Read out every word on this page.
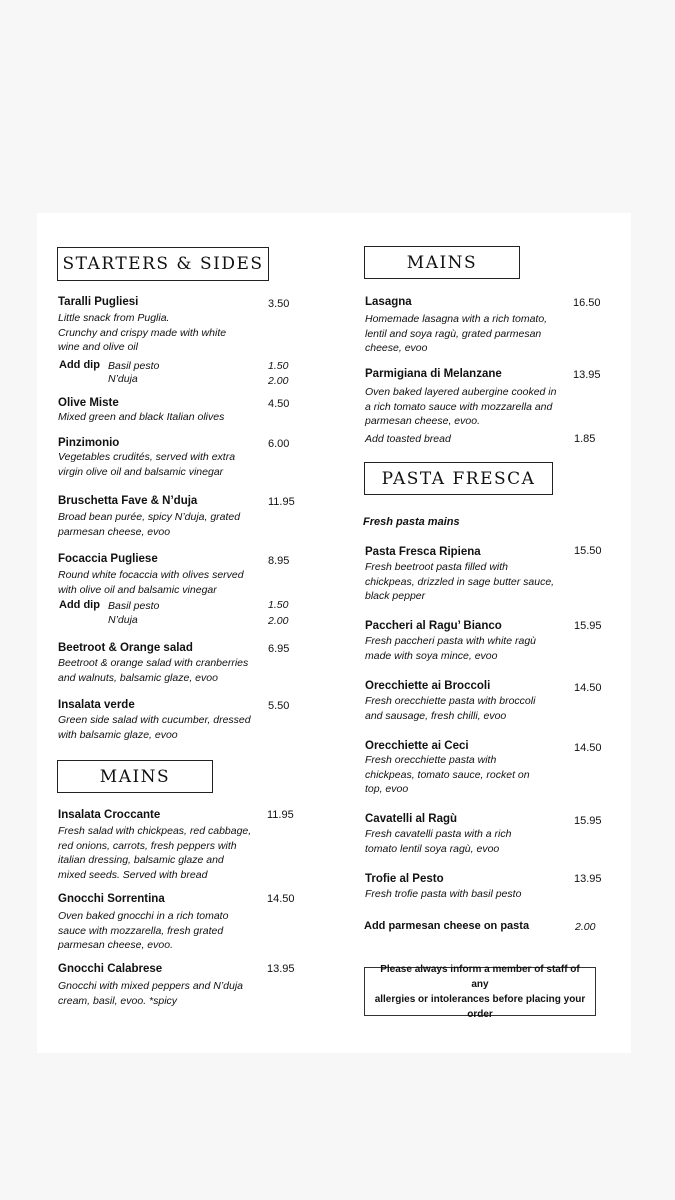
STARTERS & SIDES
MAINS
MAINS
PASTA FRESCA
Taralli Pugliesi	3.50
Little snack from Puglia.
Crunchy and crispy made with white
wine and olive oil
Add dip Basil pesto	1.50
N’duja	2.00
Olive Miste	4.50
Mixed green and black Italian olives
Pinzimonio	6.00
Vegetables crudités, served with extra
virgin olive oil and balsamic vinegar
Bruschetta Fave & N’duja	11.95
Broad bean purée, spicy N’duja, grated
parmesan cheese, evoo
Focaccia Pugliese	8.95
Round white focaccia with olives served
with olive oil and balsamic vinegar
Add dip Basil pesto	1.50
N’duja	2.00
Beetroot & Orange salad	6.95
Beetroot & orange salad with cranberries
and walnuts, balsamic glaze, evoo
Insalata verde	5.50
Green side salad with cucumber, dressed
with balsamic glaze, evoo
Insalata Croccante	11.95
Fresh salad with chickpeas, red cabbage,
red onions, carrots, fresh peppers with
italian dressing, balsamic glaze and
mixed seeds. Served with bread
Gnocchi Sorrentina	14.50
Oven baked gnocchi in a rich tomato
sauce with mozzarella, fresh grated
parmesan cheese, evoo.
Gnocchi Calabrese	13.95
Gnocchi with mixed peppers and N’duja
cream, basil, evoo. *spicy
Lasagna	16.50
Homemade lasagna with a rich tomato,
lentil and soya ragù, grated parmesan
cheese, evoo
Parmigiana di Melanzane	13.95
Oven baked layered aubergine cooked in
a rich tomato sauce with mozzarella and
parmesan cheese, evoo.
Add toasted bread	1.85
Fresh pasta mains
Pasta Fresca Ripiena	15.50
Fresh beetroot pasta filled with
chickpeas, drizzled in sage butter sauce,
black pepper
Paccheri al Ragu’ Bianco	15.95
Fresh paccheri pasta with white ragù
made with soya mince, evoo
Orecchiette ai Broccoli	14.50
Fresh orecchiette pasta with broccoli
and sausage, fresh chilli, evoo
Orecchiette ai Ceci	14.50
Fresh orecchiette pasta with
chickpeas, tomato sauce, rocket on
top, evoo
Cavatelli al Ragù	15.95
Fresh cavatelli pasta with a rich
tomato lentil soya ragù, evoo
Trofie al Pesto	13.95
Fresh trofie pasta with basil pesto
Add parmesan cheese on pasta	2.00
Please always inform a member of staff of any
allergies or intolerances before placing your order
